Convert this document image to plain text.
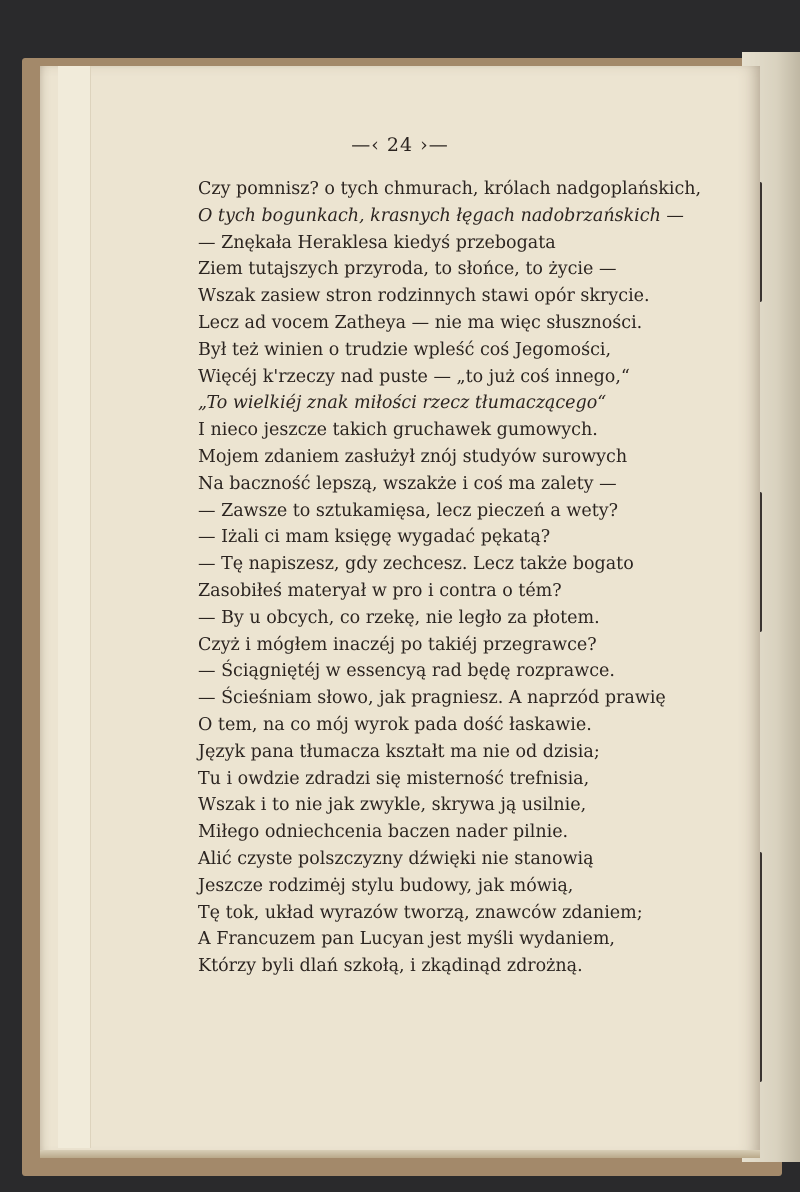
—‹ 24 ›—
Czy pomnisz? o tych chmurach, królach nadgoplańskich,
O tych bogunkach, krasnych łęgach nadobrzańskich —
— Znękała Heraklesa kiedyś przebogata
Ziem tutajszych przyroda, to słońce, to życie —
Wszak zasiew stron rodzinnych stawi opór skrycie.
Lecz ad vocem Zatheya — nie ma więc słuszności.
Był też winien o trudzie wpleść coś Jegomości,
Więcéj k'rzeczy nad puste — „to już coś innego,“
„To wielkiéj znak miłości rzecz tłumaczącego“
I nieco jeszcze takich gruchawek gumowych.
Mojem zdaniem zasłużył znój studyów surowych
Na baczność lepszą, wszakże i coś ma zalety —
— Zawsze to sztukamięsa, lecz pieczeń a wety?
— Iżali ci mam księgę wygadać pękatą?
— Tę napiszesz, gdy zechcesz. Lecz także bogato
Zasobiłeś materyał w pro i contra o tém?
— By u obcych, co rzekę, nie legło za płotem.
Czyż i mógłem inaczéj po takiéj przegrawce?
— Ściągniętéj w essencyą rad będę rozprawce.
— Ścieśniam słowo, jak pragniesz. A naprzód prawię
O tem, na co mój wyrok pada dość łaskawie.
Język pana tłumacza kształt ma nie od dzisia;
Tu i owdzie zdradzi się misterność trefnisia,
Wszak i to nie jak zwykle, skrywa ją usilnie,
Miłego odniechcenia baczen nader pilnie.
Alić czyste polszczyzny dźwięki nie stanowią
Jeszcze rodzimėj stylu budowy, jak mówią,
Tę tok, układ wyrazów tworzą, znawców zdaniem;
A Francuzem pan Lucyan jest myśli wydaniem,
Którzy byli dlań szkołą, i zkądinąd zdrożną.
